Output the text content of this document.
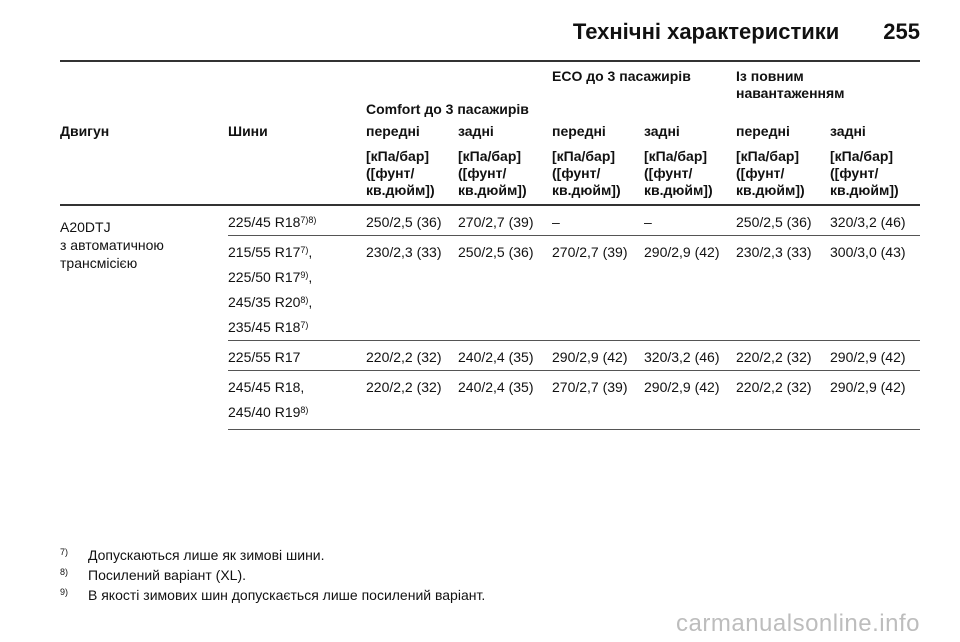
Технічні характеристики 255
		Comfort до 3 пасажирів		ECO до 3 пасажирів		Із повним навантаженням	
Двигун	Шини	передні	задні	передні	задні	передні	задні
		[кПа/бар]
([фунт/
кв.дюйм])	[кПа/бар]
([фунт/
кв.дюйм])	[кПа/бар]
([фунт/
кв.дюйм])	[кПа/бар]
([фунт/
кв.дюйм])	[кПа/бар]
([фунт/
кв.дюйм])	[кПа/бар]
([фунт/
кв.дюйм])
A20DTJ
з автоматичною
трансмісією	225/45 $R18^{7)8)}$	250/2,5 (36)	270/2,7 (39)	–	–	250/2,5 (36)	320/3,2 (46)

	215/55 R17$^{7)}$,
225/50 R17$^{9)}$,
245/35 R20$^{8)}$,
235/45 R18$^{7)}$	230/2,3 (33)	250/2,5 (36)	270/2,7 (39)	290/2,9 (42)	230/2,3 (33)	300/3,0 (43)

	225/55 R17	220/2,2 (32)	240/2,4 (35)	290/2,9 (42)	320/3,2 (46)	220/2,2 (32)	290/2,9 (42)

	245/45 R18,
245/40 R19$^{8)}$	220/2,2 (32)	240/2,4 (35)	270/2,7 (39)	290/2,9 (42)	220/2,2 (32)	290/2,9 (42)
7)	Допускаються лише як зимові шини.
8)	Посилений варіант (XL).
9)	В якості зимових шин допускається лише посилений варіант.
carmanualsonline.info
